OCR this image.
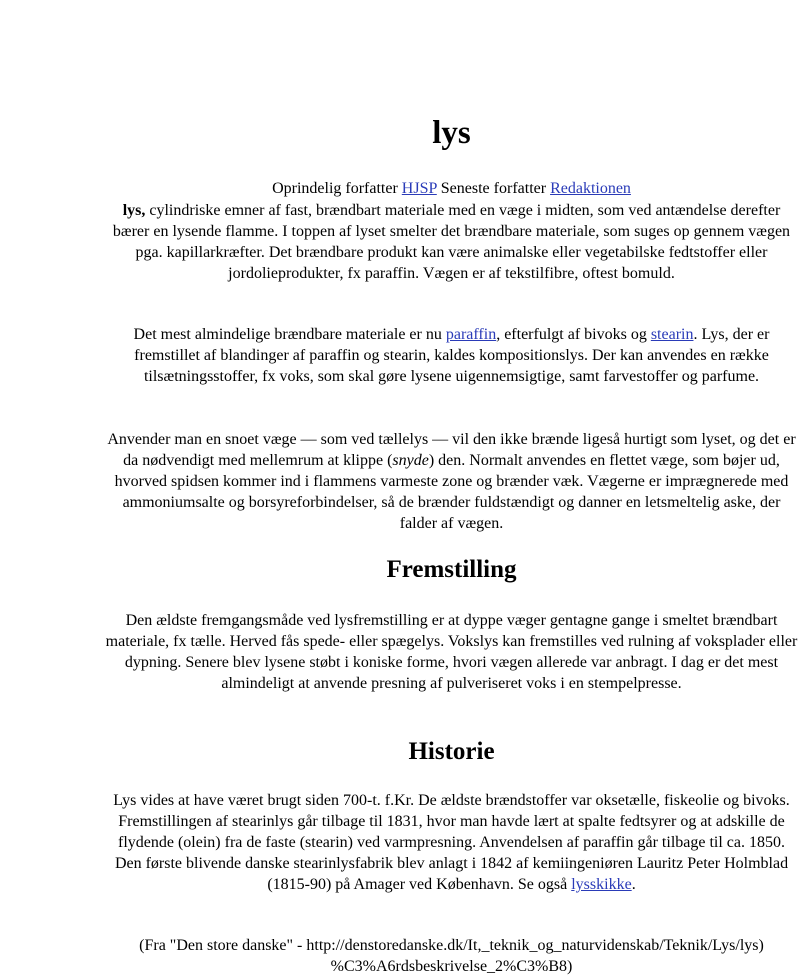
lys
Oprindelig forfatter HJSP Seneste forfatter Redaktionen

lys, cylindriske emner af fast, brændbart materiale med en væge i midten, som ved antændelse derefter bærer en lysende flamme. I toppen af lyset smelter det brændbare materiale, som suges op gennem vægen pga. kapillarkræfter. Det brændbare produkt kan være animalske eller vegetabilske fedtstoffer eller jordolieprodukter, fx paraffin. Vægen er af tekstilfibre, oftest bomuld.

Det mest almindelige brændbare materiale er nu paraffin, efterfulgt af bivoks og stearin. Lys, der er fremstillet af blandinger af paraffin og stearin, kaldes kompositionslys. Der kan anvendes en række tilsætningsstoffer, fx voks, som skal gøre lysene uigennemsigtige, samt farvestoffer og parfume.

Anvender man en snoet væge — som ved tællelys — vil den ikke brænde ligeså hurtigt som lyset, og det er da nødvendigt med mellemrum at klippe (snyde) den. Normalt anvendes en flettet væge, som bøjer ud, hvorved spidsen kommer ind i flammens varmeste zone og brænder væk. Vægerne er imprægnerede med ammoniumsalte og borsyreforbindelser, så de brænder fuldstændigt og danner en letsmeltelig aske, der falder af vægen.

Fremstilling

Den ældste fremgangsmåde ved lysfremstilling er at dyppe væger gentagne gange i smeltet brændbart materiale, fx tælle. Herved fås spede- eller spægelys. Vokslys kan fremstilles ved rulning af voksplader eller dypning. Senere blev lysene støbt i koniske forme, hvori vægen allerede var anbragt. I dag er det mest almindeligt at anvende presning af pulveriseret voks i en stempelpresse.

Historie

Lys vides at have været brugt siden 700-t. f.Kr. De ældste brændstoffer var oksetælle, fiskeolie og bivoks. Fremstillingen af stearinlys går tilbage til 1831, hvor man havde lært at spalte fedtsyrer og at adskille de flydende (olein) fra de faste (stearin) ved varmpresning. Anvendelsen af paraffin går tilbage til ca. 1850. Den første blivende danske stearinlysfabrik blev anlagt i 1842 af kemiingeniøren Lauritz Peter Holmblad (1815-90) på Amager ved København. Se også lysskikke.

(Fra "Den store danske" - http://denstoredanske.dk/It,_teknik_og_naturvidenskab/Teknik/Lys/lys)
%C3%A6rdsbeskrivelse_2%C3%B8)
